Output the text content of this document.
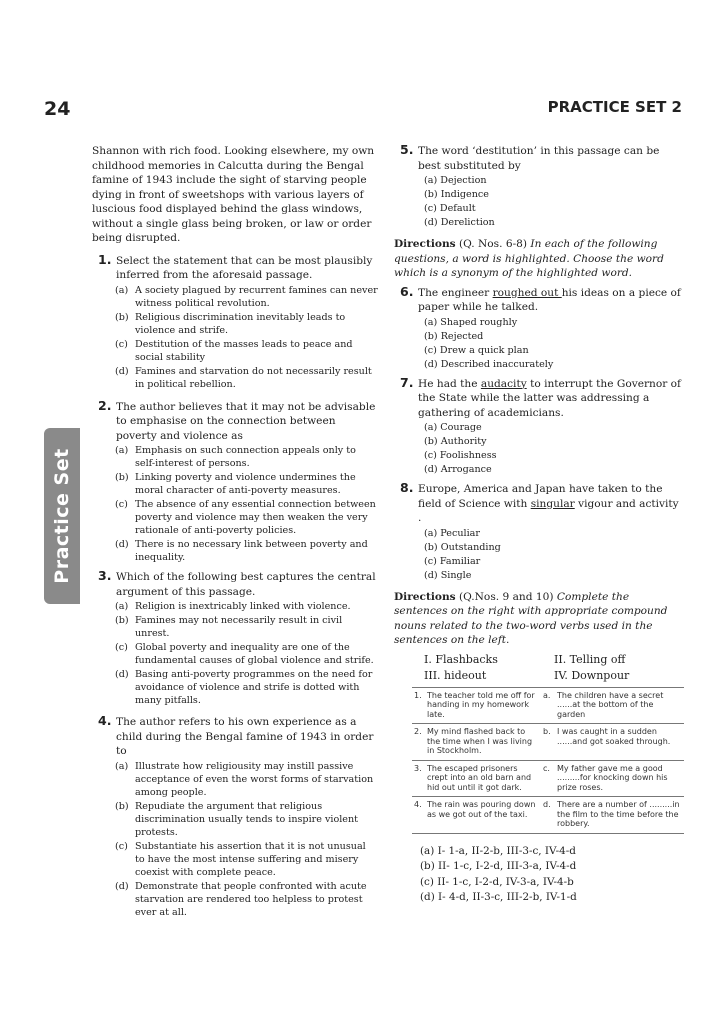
24	PRACTICE SET 2
Practice Set

Shannon with rich food. Looking elsewhere, my own childhood memories in Calcutta during the Bengal famine of 1943 include the sight of starving people dying in front of sweetshops with various layers of luscious food displayed behind the glass windows, without a single glass being broken, or law or order being disrupted.

1. Select the statement that can be most plausibly inferred from the aforesaid passage.
(a) A society plagued by recurrent famines can never witness political revolution.
(b) Religious discrimination inevitably leads to violence and strife.
(c) Destitution of the masses leads to peace and social stability
(d) Famines and starvation do not necessarily result in political rebellion.
2. The author believes that it may not be advisable to emphasise on the connection between poverty and violence as
(a) Emphasis on such connection appeals only to self-interest of persons.
(b) Linking poverty and violence undermines the moral character of anti-poverty measures.
(c) The absence of any essential connection between poverty and violence may then weaken the very rationale of anti-poverty policies.
(d) There is no necessary link between poverty and inequality.
3. Which of the following best captures the central argument of this passage.
(a) Religion is inextricably linked with violence.
(b) Famines may not necessarily result in civil unrest.
(c) Global poverty and inequality are one of the fundamental causes of global violence and strife.
(d) Basing anti-poverty programmes on the need for avoidance of violence and strife is dotted with many pitfalls.
4. The author refers to his own experience as a child during the Bengal famine of 1943 in order to
(a) Illustrate how religiousity may instill passive acceptance of even the worst forms of starvation among people.
(b) Repudiate the argument that religious discrimination usually tends to inspire violent protests.
(c) Substantiate his assertion that it is not unusual to have the most intense suffering and misery coexist with complete peace.
(d) Demonstrate that people confronted with acute starvation are rendered too helpless to protest ever at all.
5. The word ‘destitution’ in this passage can be best substituted by
(a) Dejection
(b) Indigence
(c) Default
(d) Dereliction

Directions (Q. Nos. 6-8) In each of the following questions, a word is highlighted. Choose the word which is a synonym of the highlighted word.

6. The engineer roughed out his ideas on a piece of paper while he talked.
(a) Shaped roughly
(b) Rejected
(c) Drew a quick plan
(d) Described inaccurately
7. He had the audacity to interrupt the Governor of the State while the latter was addressing a gathering of academicians.
(a) Courage
(b) Authority
(c) Foolishness
(d) Arrogance
8. Europe, America and Japan have taken to the field of Science with singular vigour and activity .
(a) Peculiar
(b) Outstanding
(c) Familiar
(d) Single

Directions (Q.Nos. 9 and 10) Complete the sentences on the right with appropriate compound nouns related to the two-word verbs used in the sentences on the left.

I. Flashbacks	II. Telling off
III. hideout	IV. Downpour
1.	The teacher told me off for handing in my homework late.	a.	The children have a secret ......at the bottom of the garden
2.	My mind flashed back to the time when I was living in Stockholm.	b.	I was caught in a sudden ......and got soaked through.
3.	The escaped prisoners crept into an old barn and hid out until it got dark.	c.	My father gave me a good .........for knocking down his prize roses.
4.	The rain was pouring down as we got out of the taxi.	d.	There are a number of .........in the film to the time before the robbery.
(a) I- 1-a, II-2-b, III-3-c, IV-4-d
(b) II- 1-c, I-2-d, III-3-a, IV-4-d
(c) II- 1-c, I-2-d, IV-3-a, IV-4-b
(d) I- 4-d, II-3-c, III-2-b, IV-1-d
